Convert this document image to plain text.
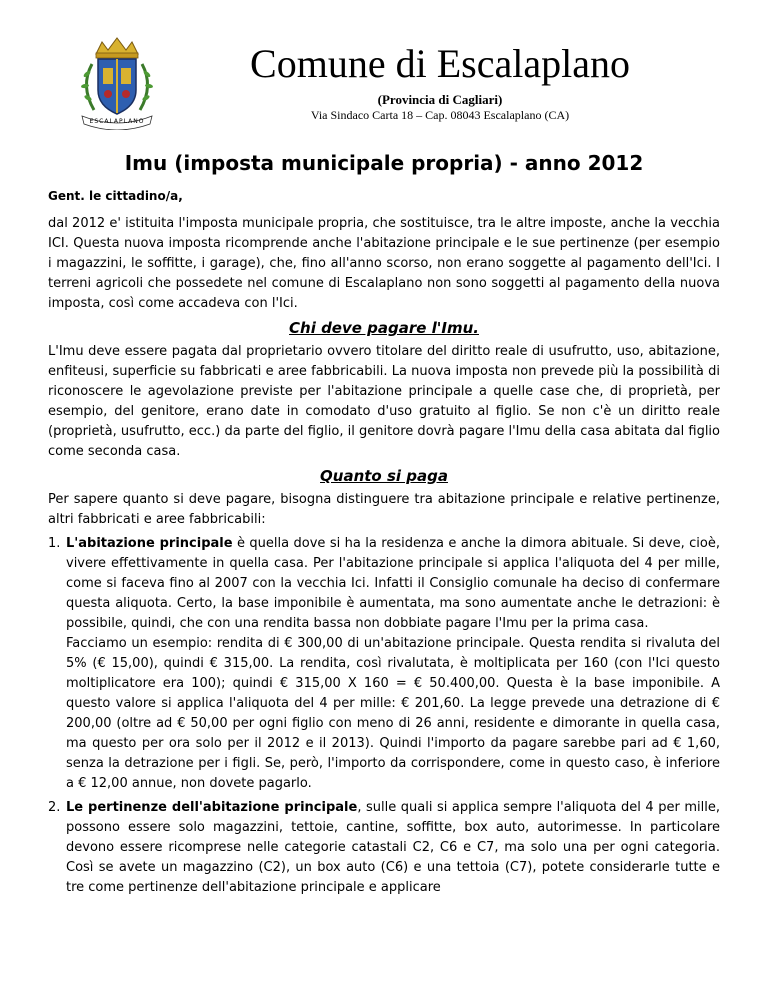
ESCALAPLANO
Comune di Escalaplano
(Provincia di Cagliari)
Via Sindaco Carta 18 – Cap. 08043 Escalaplano (CA)
Imu (imposta municipale propria) - anno 2012
Gent. le cittadino/a,

dal 2012 e' istituita l'imposta municipale propria, che sostituisce, tra le altre imposte, anche la vecchia ICI. Questa nuova imposta ricomprende anche l'abitazione principale e le sue pertinenze (per esempio i magazzini, le soffitte, i garage), che, fino all'anno scorso, non erano soggette al pagamento dell'Ici. I terreni agricoli che possedete nel comune di Escalaplano non sono soggetti al pagamento della nuova imposta, così come accadeva con l'Ici.

Chi deve pagare l'Imu.

L'Imu deve essere pagata dal proprietario ovvero titolare del diritto reale di usufrutto, uso, abitazione, enfiteusi, superficie su fabbricati e aree fabbricabili. La nuova imposta non prevede più la possibilità di riconoscere le agevolazione previste per l'abitazione principale a quelle case che, di proprietà, per esempio, del genitore, erano date in comodato d'uso gratuito al figlio. Se non c'è un diritto reale (proprietà, usufrutto, ecc.) da parte del figlio, il genitore dovrà pagare l'Imu della casa abitata dal figlio come seconda casa.

Quanto si paga

Per sapere quanto si deve pagare, bisogna distinguere tra abitazione principale e relative pertinenze, altri fabbricati e aree fabbricabili:

1. L'abitazione principale è quella dove si ha la residenza e anche la dimora abituale. Si deve, cioè, vivere effettivamente in quella casa. Per l'abitazione principale si applica l'aliquota del 4 per mille, come si faceva fino al 2007 con la vecchia Ici. Infatti il Consiglio comunale ha deciso di confermare questa aliquota. Certo, la base imponibile è aumentata, ma sono aumentate anche le detrazioni: è possibile, quindi, che con una rendita bassa non dobbiate pagare l'Imu per la prima casa.
Facciamo un esempio: rendita di € 300,00 di un'abitazione principale. Questa rendita si rivaluta del 5% (€ 15,00), quindi € 315,00. La rendita, così rivalutata, è moltiplicata per 160 (con l'Ici questo moltiplicatore era 100); quindi € 315,00 X 160 = € 50.400,00. Questa è la base imponibile. A questo valore si applica l'aliquota del 4 per mille: € 201,60. La legge prevede una detrazione di € 200,00 (oltre ad € 50,00 per ogni figlio con meno di 26 anni, residente e dimorante in quella casa, ma questo per ora solo per il 2012 e il 2013). Quindi l'importo da pagare sarebbe pari ad € 1,60, senza la detrazione per i figli. Se, però, l'importo da corrispondere, come in questo caso, è inferiore a € 12,00 annue, non dovete pagarlo.
2. Le pertinenze dell'abitazione principale, sulle quali si applica sempre l'aliquota del 4 per mille, possono essere solo magazzini, tettoie, cantine, soffitte, box auto, autorimesse. In particolare devono essere ricomprese nelle categorie catastali C2, C6 e C7, ma solo una per ogni categoria. Così se avete un magazzino (C2), un box auto (C6) e una tettoia (C7), potete considerarle tutte e tre come pertinenze dell'abitazione principale e applicare
